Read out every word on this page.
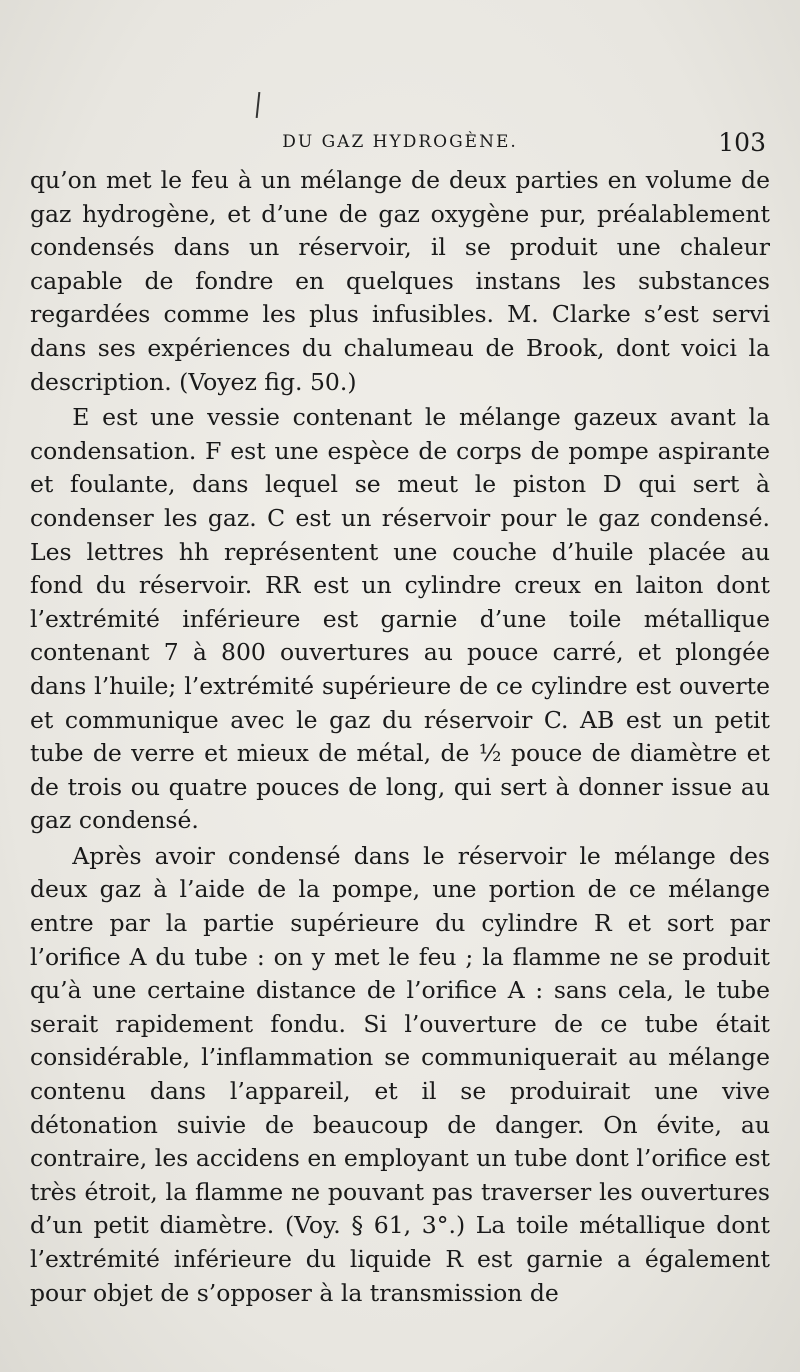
DU GAZ HYDROGÈNE.	103

qu’on met le feu à un mélange de deux parties en volume de gaz hydrogène, et d’une de gaz oxygène pur, préalablement condensés dans un réservoir, il se produit une chaleur capable de fondre en quelques instans les substances regardées comme les plus infusibles. M. Clarke s’est servi dans ses expériences du chalumeau de Brook, dont voici la description. (Voyez fig. 50.)

E est une vessie contenant le mélange gazeux avant la condensation. F est une espèce de corps de pompe aspirante et foulante, dans lequel se meut le piston D qui sert à condenser les gaz. C est un réservoir pour le gaz condensé. Les lettres hh représentent une couche d’huile placée au fond du réservoir. RR est un cylindre creux en laiton dont l’extrémité inférieure est garnie d’une toile métallique contenant 7 à 800 ouvertures au pouce carré, et plongée dans l’huile; l’extrémité supérieure de ce cylindre est ouverte et communique avec le gaz du réservoir C. AB est un petit tube de verre et mieux de métal, de ½ pouce de diamètre et de trois ou quatre pouces de long, qui sert à donner issue au gaz condensé.

Après avoir condensé dans le réservoir le mélange des deux gaz à l’aide de la pompe, une portion de ce mélange entre par la partie supérieure du cylindre R et sort par l’orifice A du tube : on y met le feu ; la flamme ne se produit qu’à une certaine distance de l’orifice A : sans cela, le tube serait rapidement fondu. Si l’ouverture de ce tube était considérable, l’inflammation se communiquerait au mélange contenu dans l’appareil, et il se produirait une vive détonation suivie de beaucoup de danger. On évite, au contraire, les accidens en employant un tube dont l’orifice est très étroit, la flamme ne pouvant pas traverser les ouvertures d’un petit diamètre. (Voy. § 61, 3°.) La toile métallique dont l’extrémité inférieure du liquide R est garnie a également pour objet de s’opposer à la transmission de
